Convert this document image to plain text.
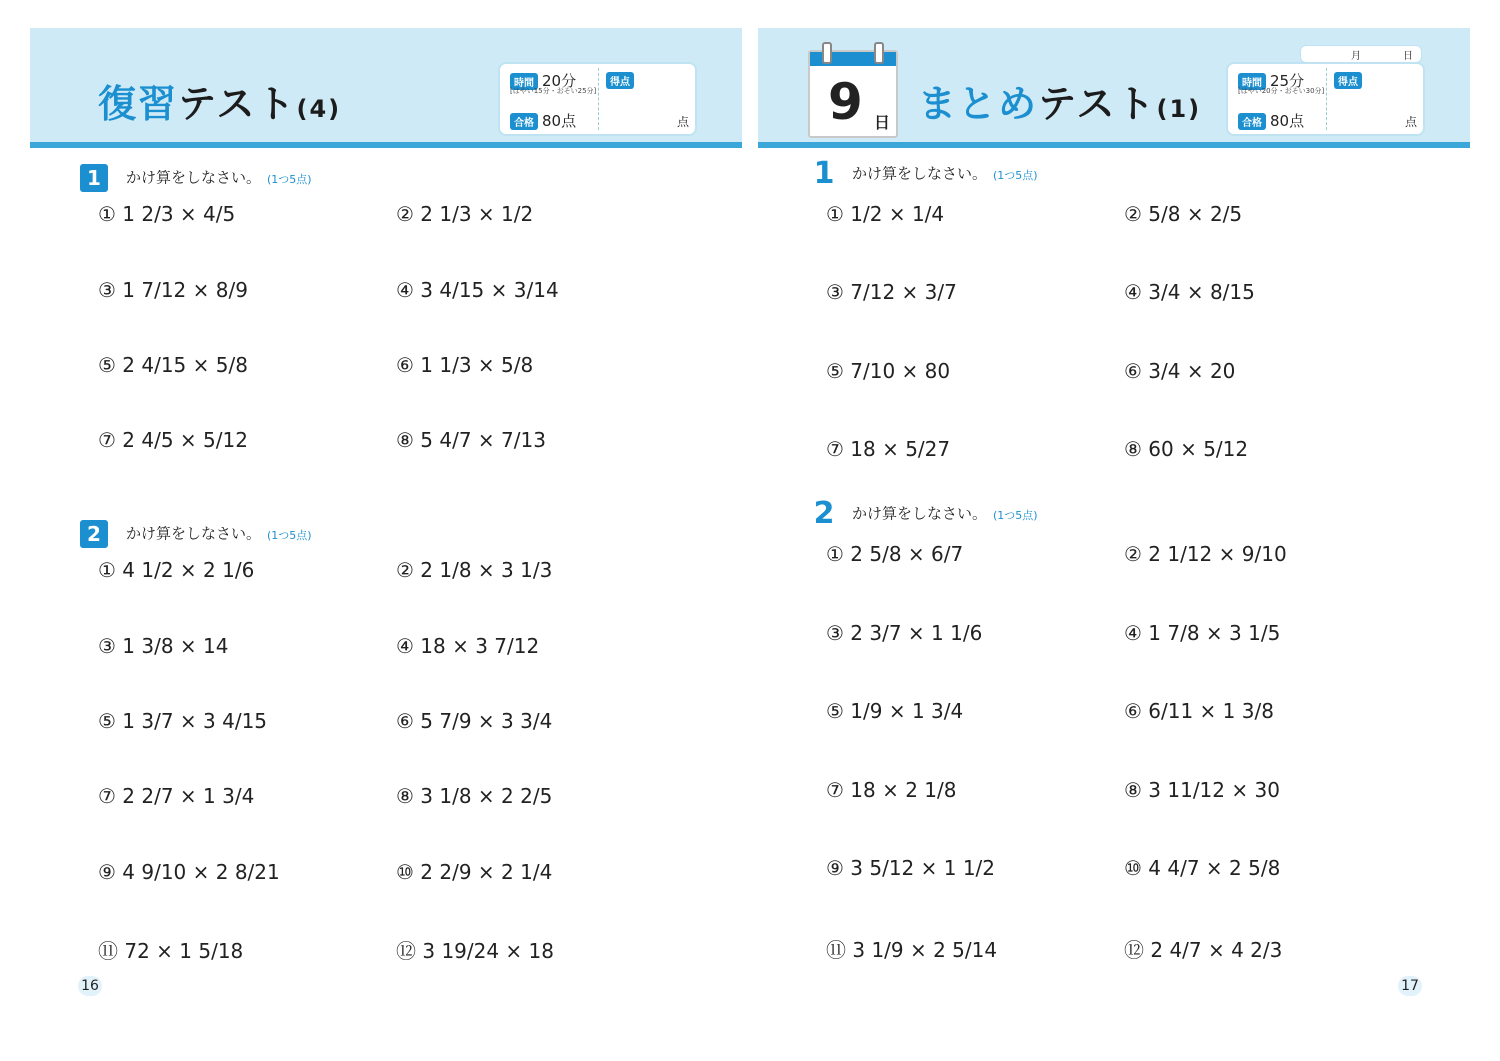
復習テスト(4)
時間 20分
[はやい15分・おそい25分]
合格 80点
得点
点
1 かけ算をしなさい。 (1つ5点)
① 1 2/3 × 4/5	② 2 1/3 × 1/2
③ 1 7/12 × 8/9	④ 3 4/15 × 3/14
⑤ 2 4/15 × 5/8	⑥ 1 1/3 × 5/8
⑦ 2 4/5 × 5/12	⑧ 5 4/7 × 7/13
2 かけ算をしなさい。 (1つ5点)
① 4 1/2 × 2 1/6	② 2 1/8 × 3 1/3
③ 1 3/8 × 14	④ 18 × 3 7/12
⑤ 1 3/7 × 3 4/15	⑥ 5 7/9 × 3 3/4
⑦ 2 2/7 × 1 3/4	⑧ 3 1/8 × 2 2/5
⑨ 4 9/10 × 2 8/21	⑩ 2 2/9 × 2 1/4
⑪ 72 × 1 5/18	⑫ 3 19/24 × 18
16
9 日 まとめテスト(1)
月	日
時間 25分
[はやい20分・おそい30分]
合格 80点
得点
点
1 かけ算をしなさい。 (1つ5点)
① 1/2 × 1/4	② 5/8 × 2/5
③ 7/12 × 3/7	④ 3/4 × 8/15
⑤ 7/10 × 80	⑥ 3/4 × 20
⑦ 18 × 5/27	⑧ 60 × 5/12
2 かけ算をしなさい。 (1つ5点)
① 2 5/8 × 6/7	② 2 1/12 × 9/10
③ 2 3/7 × 1 1/6	④ 1 7/8 × 3 1/5
⑤ 1/9 × 1 3/4	⑥ 6/11 × 1 3/8
⑦ 18 × 2 1/8	⑧ 3 11/12 × 30
⑨ 3 5/12 × 1 1/2	⑩ 4 4/7 × 2 5/8
⑪ 3 1/9 × 2 5/14	⑫ 2 4/7 × 4 2/3
17
